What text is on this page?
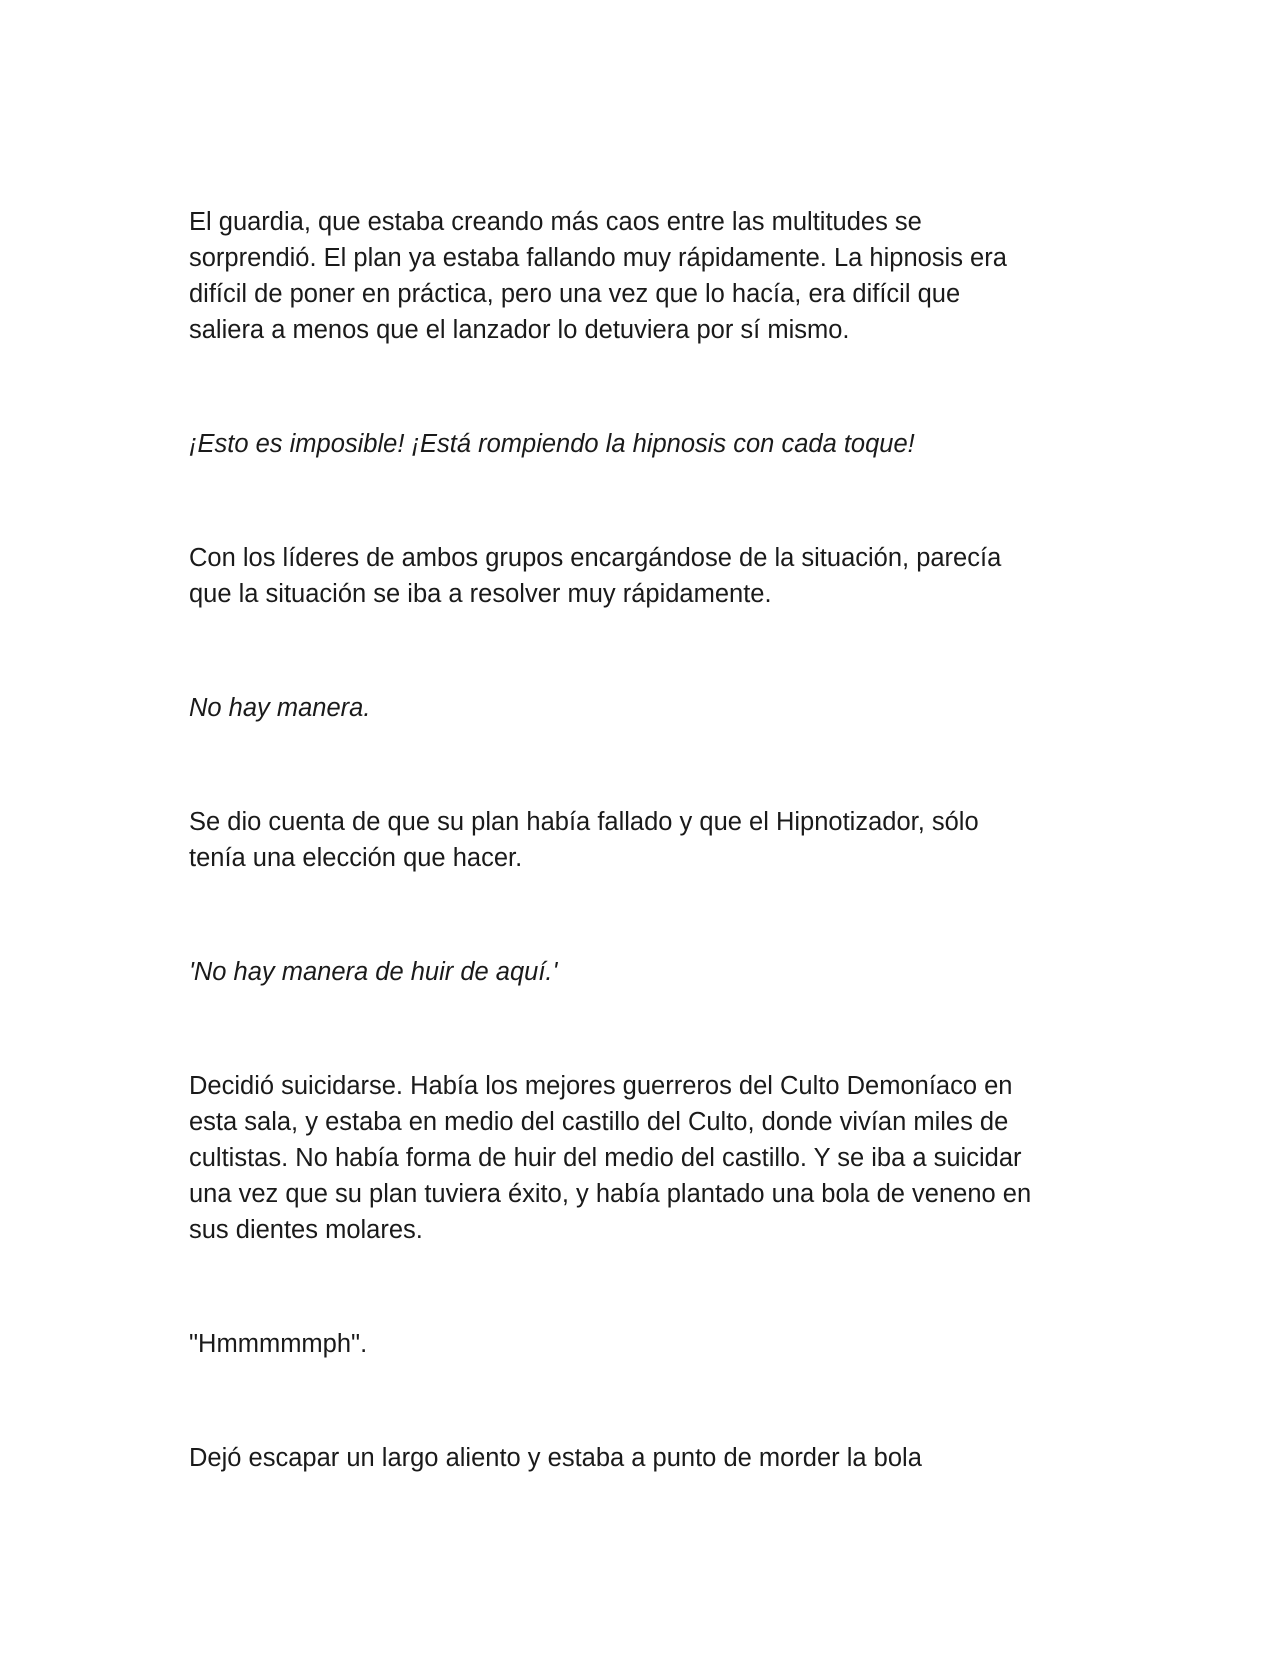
El guardia, que estaba creando más caos entre las multitudes se
sorprendió. El plan ya estaba fallando muy rápidamente. La hipnosis era
difícil de poner en práctica, pero una vez que lo hacía, era difícil que
saliera a menos que el lanzador lo detuviera por sí mismo.

¡Esto es imposible! ¡Está rompiendo la hipnosis con cada toque!

Con los líderes de ambos grupos encargándose de la situación, parecía
que la situación se iba a resolver muy rápidamente.

No hay manera.

Se dio cuenta de que su plan había fallado y que el Hipnotizador, sólo
tenía una elección que hacer.

'No hay manera de huir de aquí.'

Decidió suicidarse. Había los mejores guerreros del Culto Demoníaco en
esta sala, y estaba en medio del castillo del Culto, donde vivían miles de
cultistas. No había forma de huir del medio del castillo. Y se iba a suicidar
una vez que su plan tuviera éxito, y había plantado una bola de veneno en
sus dientes molares.

"Hmmmmmph".

Dejó escapar un largo aliento y estaba a punto de morder la bola
